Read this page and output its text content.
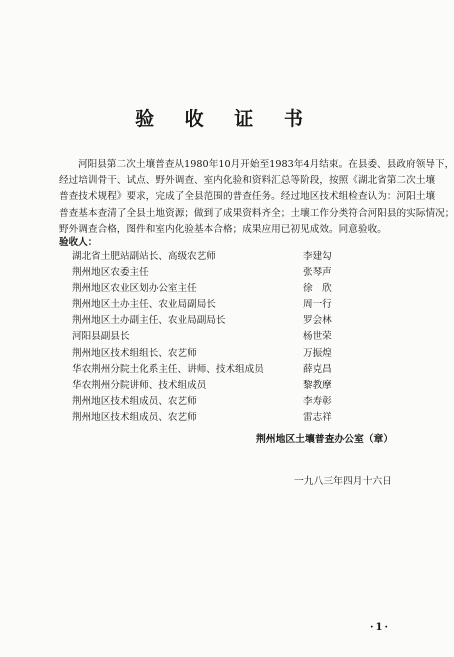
验 收 证 书
河阳县第二次土壤普查从1980年10月开始至1983年4月结束。在县委、县政府领导下，
经过培训骨干、试点、野外调查、室内化验和资料汇总等阶段，按照《湖北省第二次土壤
普查技术规程》要求，完成了全县范围的普查任务。经过地区技术组检查认为：河阳土壤
普查基本查清了全县土地资源；做到了成果资料齐全；土壤工作分类符合河阳县的实际情况；
野外调查合格，图件和室内化验基本合格；成果应用已初见成效。同意验收。
验收人：
湖北省土肥站副站长、高级农艺师	李建勾
荆州地区农委主任	张琴声
荆州地区农业区划办公室主任	徐　欣
荆州地区土办主任、农业局副局长	周一行
荆州地区土办副主任、农业局副局长	罗会林
河阳县副县长	杨世荣
荆州地区技术组组长、农艺师	万振煌
华农荆州分院土化系主任、讲师、技术组成员	薛克昌
华农荆州分院讲师、技术组成员	黎教摩
荆州地区技术组成员、农艺师	李寿彰
荆州地区技术组成员、农艺师	雷志祥
荆州地区土壤普查办公室（章）
一九八三年四月十六日
·1·
